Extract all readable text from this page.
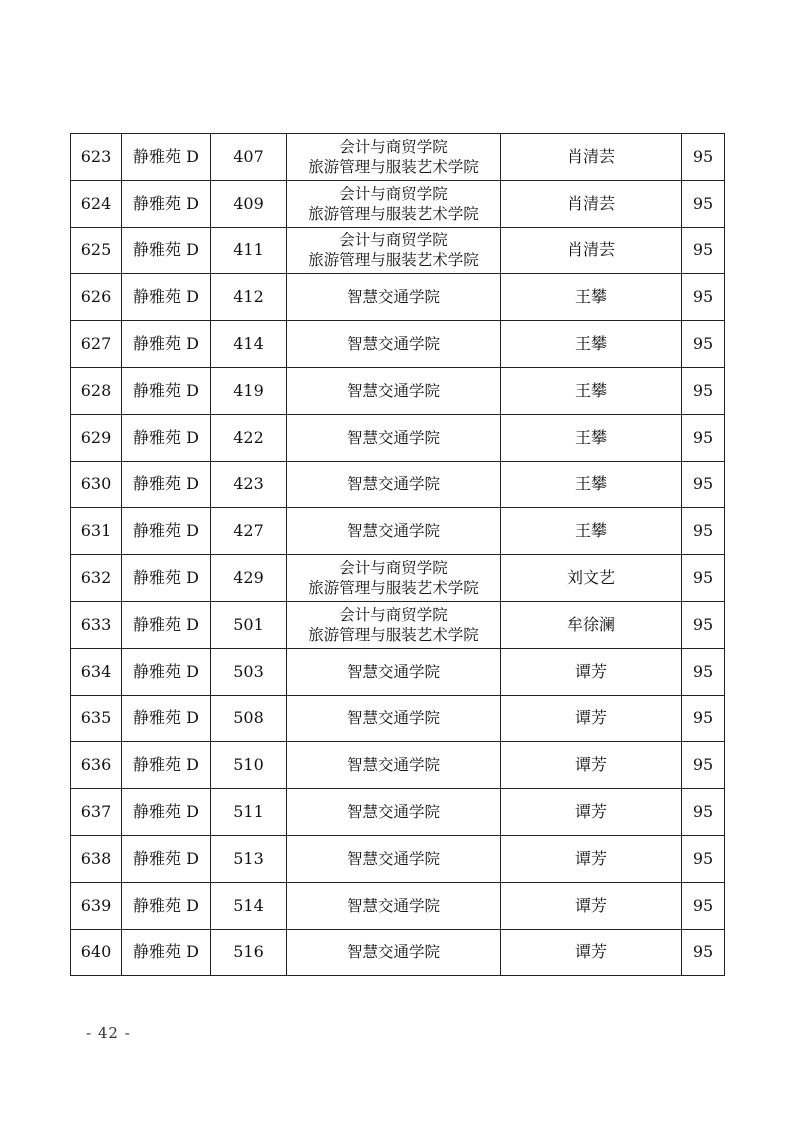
623	静雅苑 D	407	会计与商贸学院
旅游管理与服装艺术学院	肖清芸	95
624	静雅苑 D	409	会计与商贸学院
旅游管理与服装艺术学院	肖清芸	95
625	静雅苑 D	411	会计与商贸学院
旅游管理与服装艺术学院	肖清芸	95
626	静雅苑 D	412	智慧交通学院	王攀	95
627	静雅苑 D	414	智慧交通学院	王攀	95
628	静雅苑 D	419	智慧交通学院	王攀	95
629	静雅苑 D	422	智慧交通学院	王攀	95
630	静雅苑 D	423	智慧交通学院	王攀	95
631	静雅苑 D	427	智慧交通学院	王攀	95
632	静雅苑 D	429	会计与商贸学院
旅游管理与服装艺术学院	刘文艺	95
633	静雅苑 D	501	会计与商贸学院
旅游管理与服装艺术学院	牟徐澜	95
634	静雅苑 D	503	智慧交通学院	谭芳	95
635	静雅苑 D	508	智慧交通学院	谭芳	95
636	静雅苑 D	510	智慧交通学院	谭芳	95
637	静雅苑 D	511	智慧交通学院	谭芳	95
638	静雅苑 D	513	智慧交通学院	谭芳	95
639	静雅苑 D	514	智慧交通学院	谭芳	95
640	静雅苑 D	516	智慧交通学院	谭芳	95
- 42 -
